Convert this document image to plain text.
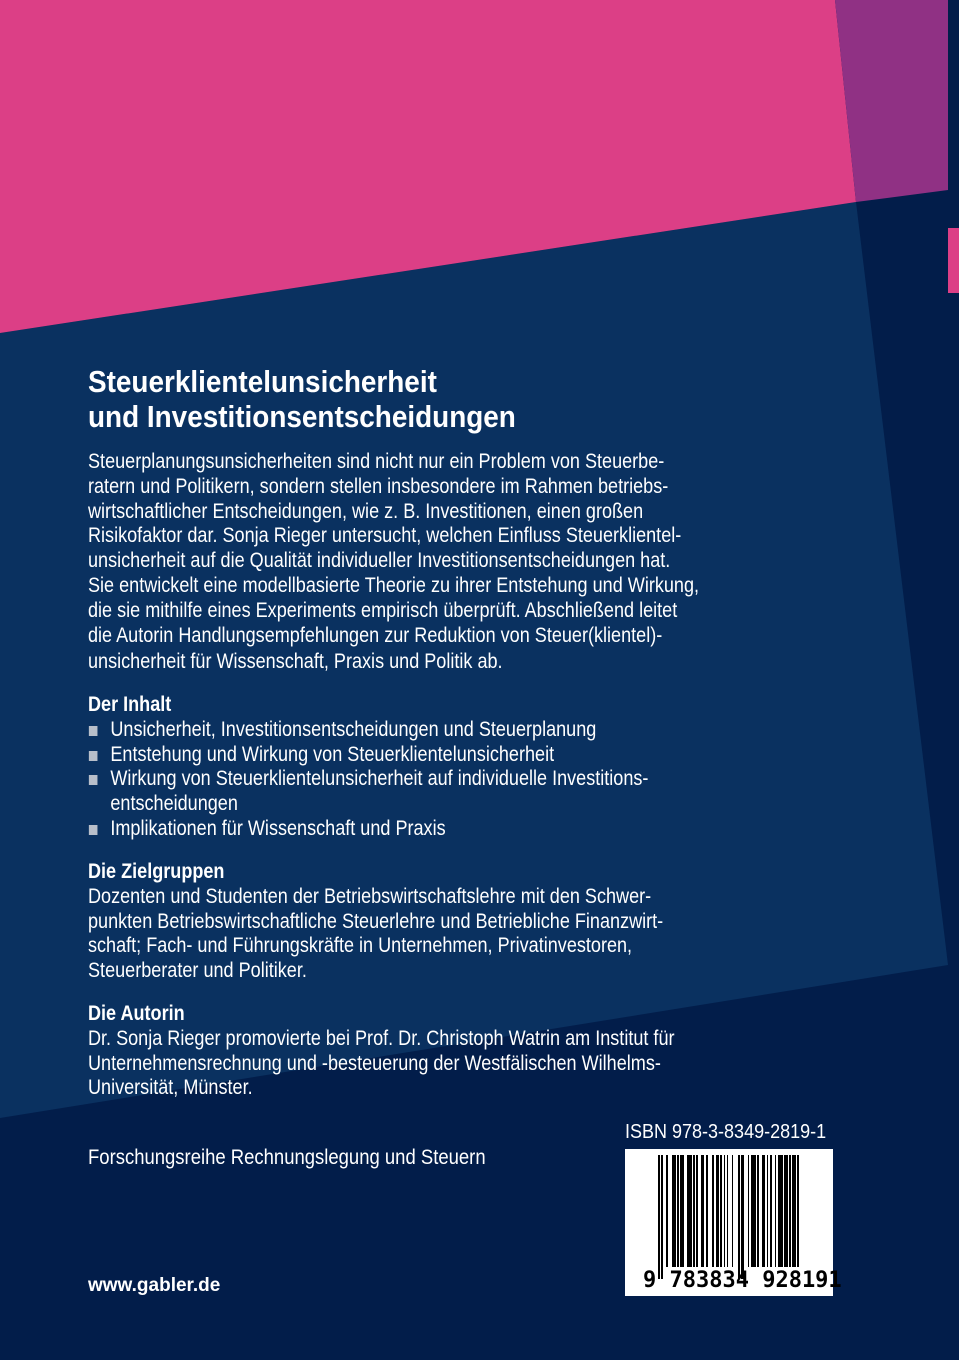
Steuerklientelunsicherheit
und Investitionsentscheidungen
Steuerplanungsunsicherheiten sind nicht nur ein Problem von Steuerbe-
ratern und Politikern, sondern stellen insbesondere im Rahmen betriebs-
wirtschaftlicher Entscheidungen, wie z. B. Investitionen, einen großen
Risikofaktor dar. Sonja Rieger untersucht, welchen Einfluss Steuerklientel-
unsicherheit auf die Qualität individueller Investitionsentscheidungen hat.
Sie entwickelt eine modellbasierte Theorie zu ihrer Entstehung und Wirkung,
die sie mithilfe eines Experiments empirisch überprüft. Abschließend leitet
die Autorin Handlungsempfehlungen zur Reduktion von Steuer(klientel)-
unsicherheit für Wissenschaft, Praxis und Politik ab.
Der Inhalt
Unsicherheit, Investitionsentscheidungen und Steuerplanung
Entstehung und Wirkung von Steuerklientelunsicherheit
Wirkung von Steuerklientelunsicherheit auf individuelle Investitions-
entscheidungen
Implikationen für Wissenschaft und Praxis
Die Zielgruppen
Dozenten und Studenten der Betriebswirtschaftslehre mit den Schwer-
punkten Betriebswirtschaftliche Steuerlehre und Betriebliche Finanzwirt-
schaft; Fach- und Führungskräfte in Unternehmen, Privatinvestoren,
Steuerberater und Politiker.
Die Autorin
Dr. Sonja Rieger promovierte bei Prof. Dr. Christoph Watrin am Institut für
Unternehmensrechnung und -besteuerung der Westfälischen Wilhelms-
Universität, Münster.
ISBN 978-3-8349-2819-1
9 783834 928191
Forschungsreihe Rechnungslegung und Steuern
www.gabler.de
